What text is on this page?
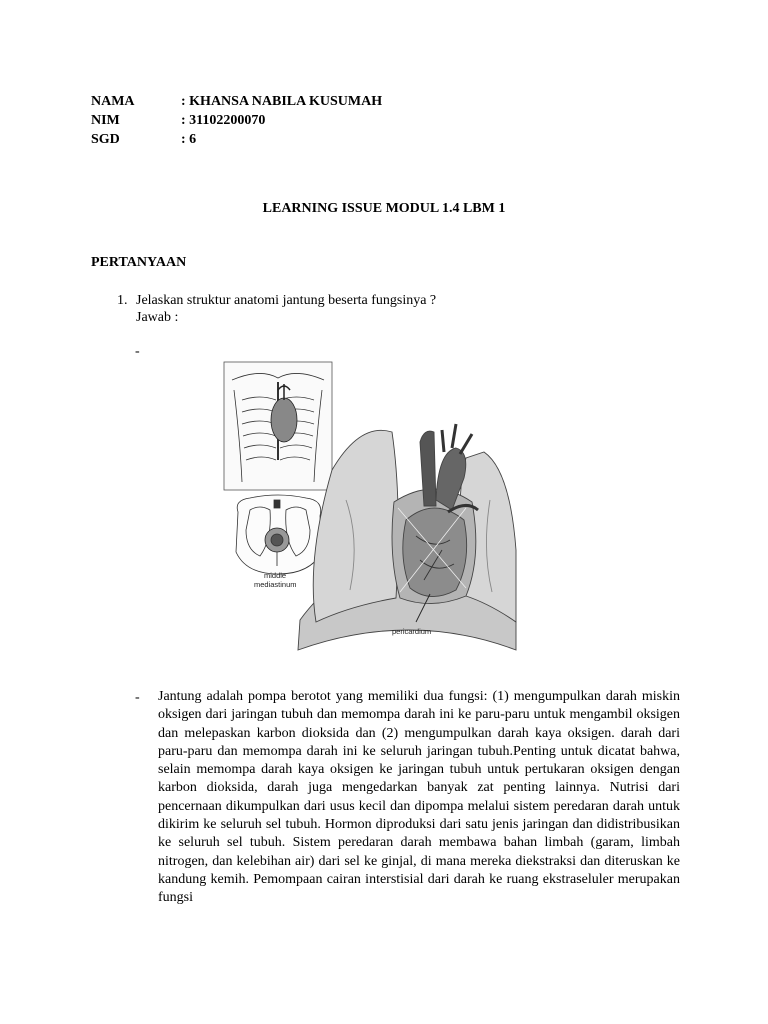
NAMA	: KHANSA NABILA KUSUMAH
NIM	: 31102200070
SGD	: 6
LEARNING ISSUE MODUL 1.4 LBM 1
PERTANYAAN
1. Jelaskan struktur anatomi jantung beserta fungsinya ?
Jawab :
-
middle
mediastinum
pericardium
- Jantung adalah pompa berotot yang memiliki dua fungsi: (1) mengumpulkan darah miskin oksigen dari jaringan tubuh dan memompa darah ini ke paru-paru untuk mengambil oksigen dan melepaskan karbon dioksida dan (2) mengumpulkan darah kaya oksigen. darah dari paru-paru dan memompa darah ini ke seluruh jaringan tubuh.Penting untuk dicatat bahwa, selain memompa darah kaya oksigen ke jaringan tubuh untuk pertukaran oksigen dengan karbon dioksida, darah juga mengedarkan banyak zat penting lainnya. Nutrisi dari pencernaan dikumpulkan dari usus kecil dan dipompa melalui sistem peredaran darah untuk dikirim ke seluruh sel tubuh. Hormon diproduksi dari satu jenis jaringan dan didistribusikan ke seluruh sel tubuh. Sistem peredaran darah membawa bahan limbah (garam, limbah nitrogen, dan kelebihan air) dari sel ke ginjal, di mana mereka diekstraksi dan diteruskan ke kandung kemih. Pemompaan cairan interstisial dari darah ke ruang ekstraseluler merupakan fungsi
